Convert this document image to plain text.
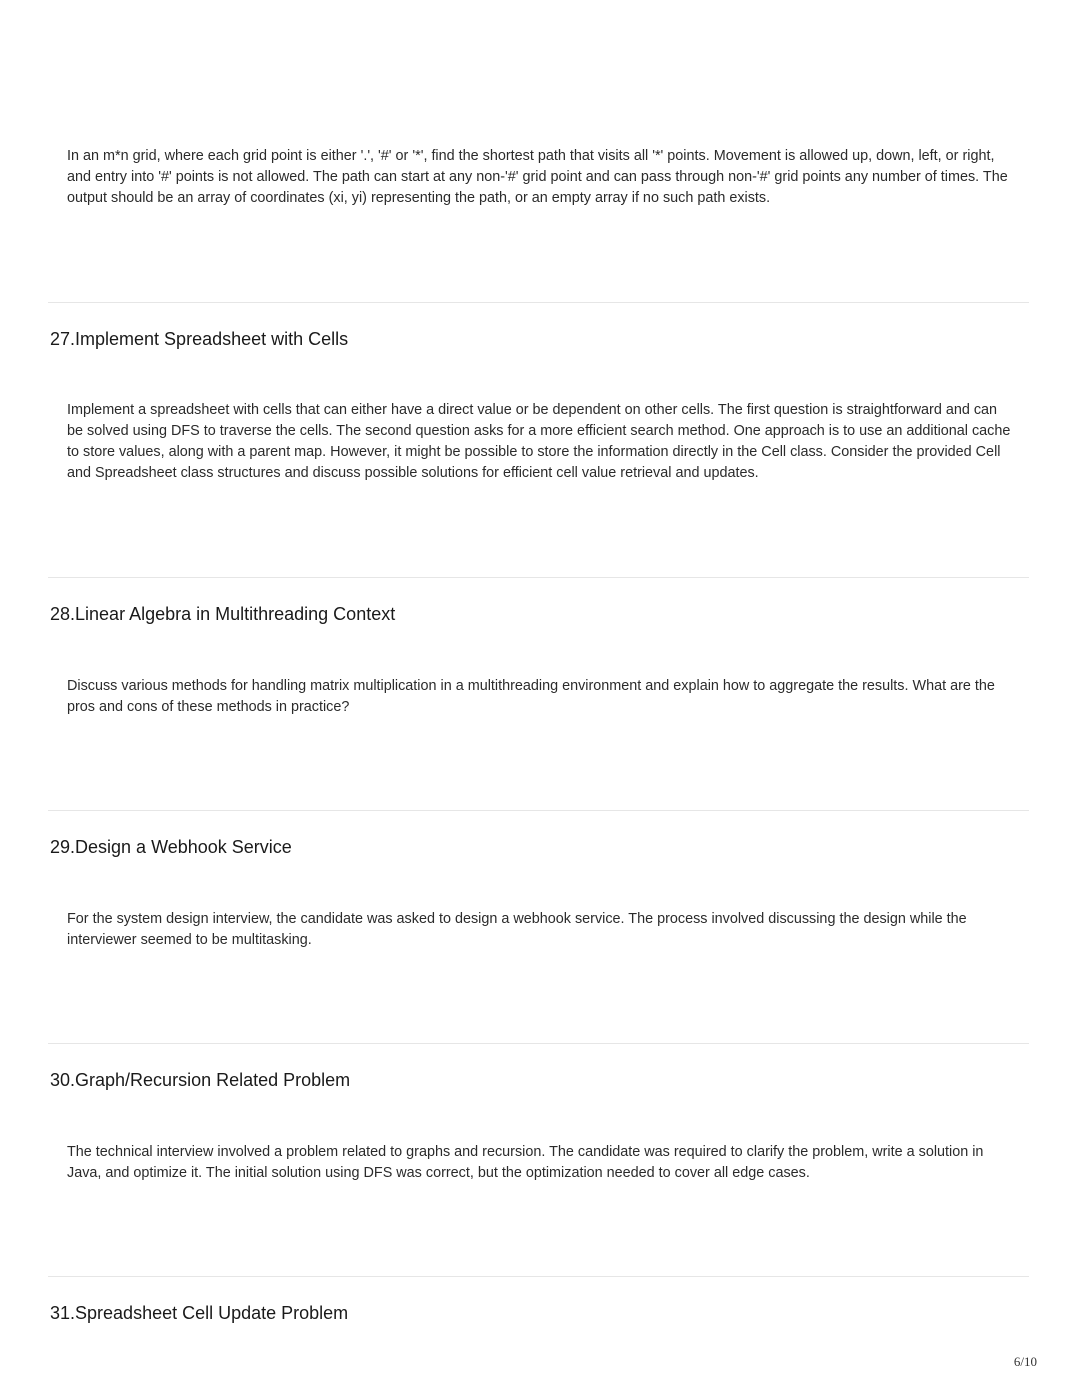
In an m*n grid, where each grid point is either '.', '#' or '*', find the shortest path that visits all '*' points. Movement is allowed up, down, left, or right, and entry into '#' points is not allowed. The path can start at any non-'#' grid point and can pass through non-'#' grid points any number of times. The output should be an array of coordinates (xi, yi) representing the path, or an empty array if no such path exists.

27.Implement Spreadsheet with Cells

Implement a spreadsheet with cells that can either have a direct value or be dependent on other cells. The first question is straightforward and can be solved using DFS to traverse the cells. The second question asks for a more efficient search method. One approach is to use an additional cache to store values, along with a parent map. However, it might be possible to store the information directly in the Cell class. Consider the provided Cell and Spreadsheet class structures and discuss possible solutions for efficient cell value retrieval and updates.

28.Linear Algebra in Multithreading Context

Discuss various methods for handling matrix multiplication in a multithreading environment and explain how to aggregate the results. What are the pros and cons of these methods in practice?

29.Design a Webhook Service

For the system design interview, the candidate was asked to design a webhook service. The process involved discussing the design while the interviewer seemed to be multitasking.

30.Graph/Recursion Related Problem

The technical interview involved a problem related to graphs and recursion. The candidate was required to clarify the problem, write a solution in Java, and optimize it. The initial solution using DFS was correct, but the optimization needed to cover all edge cases.

31.Spreadsheet Cell Update Problem
6/10
